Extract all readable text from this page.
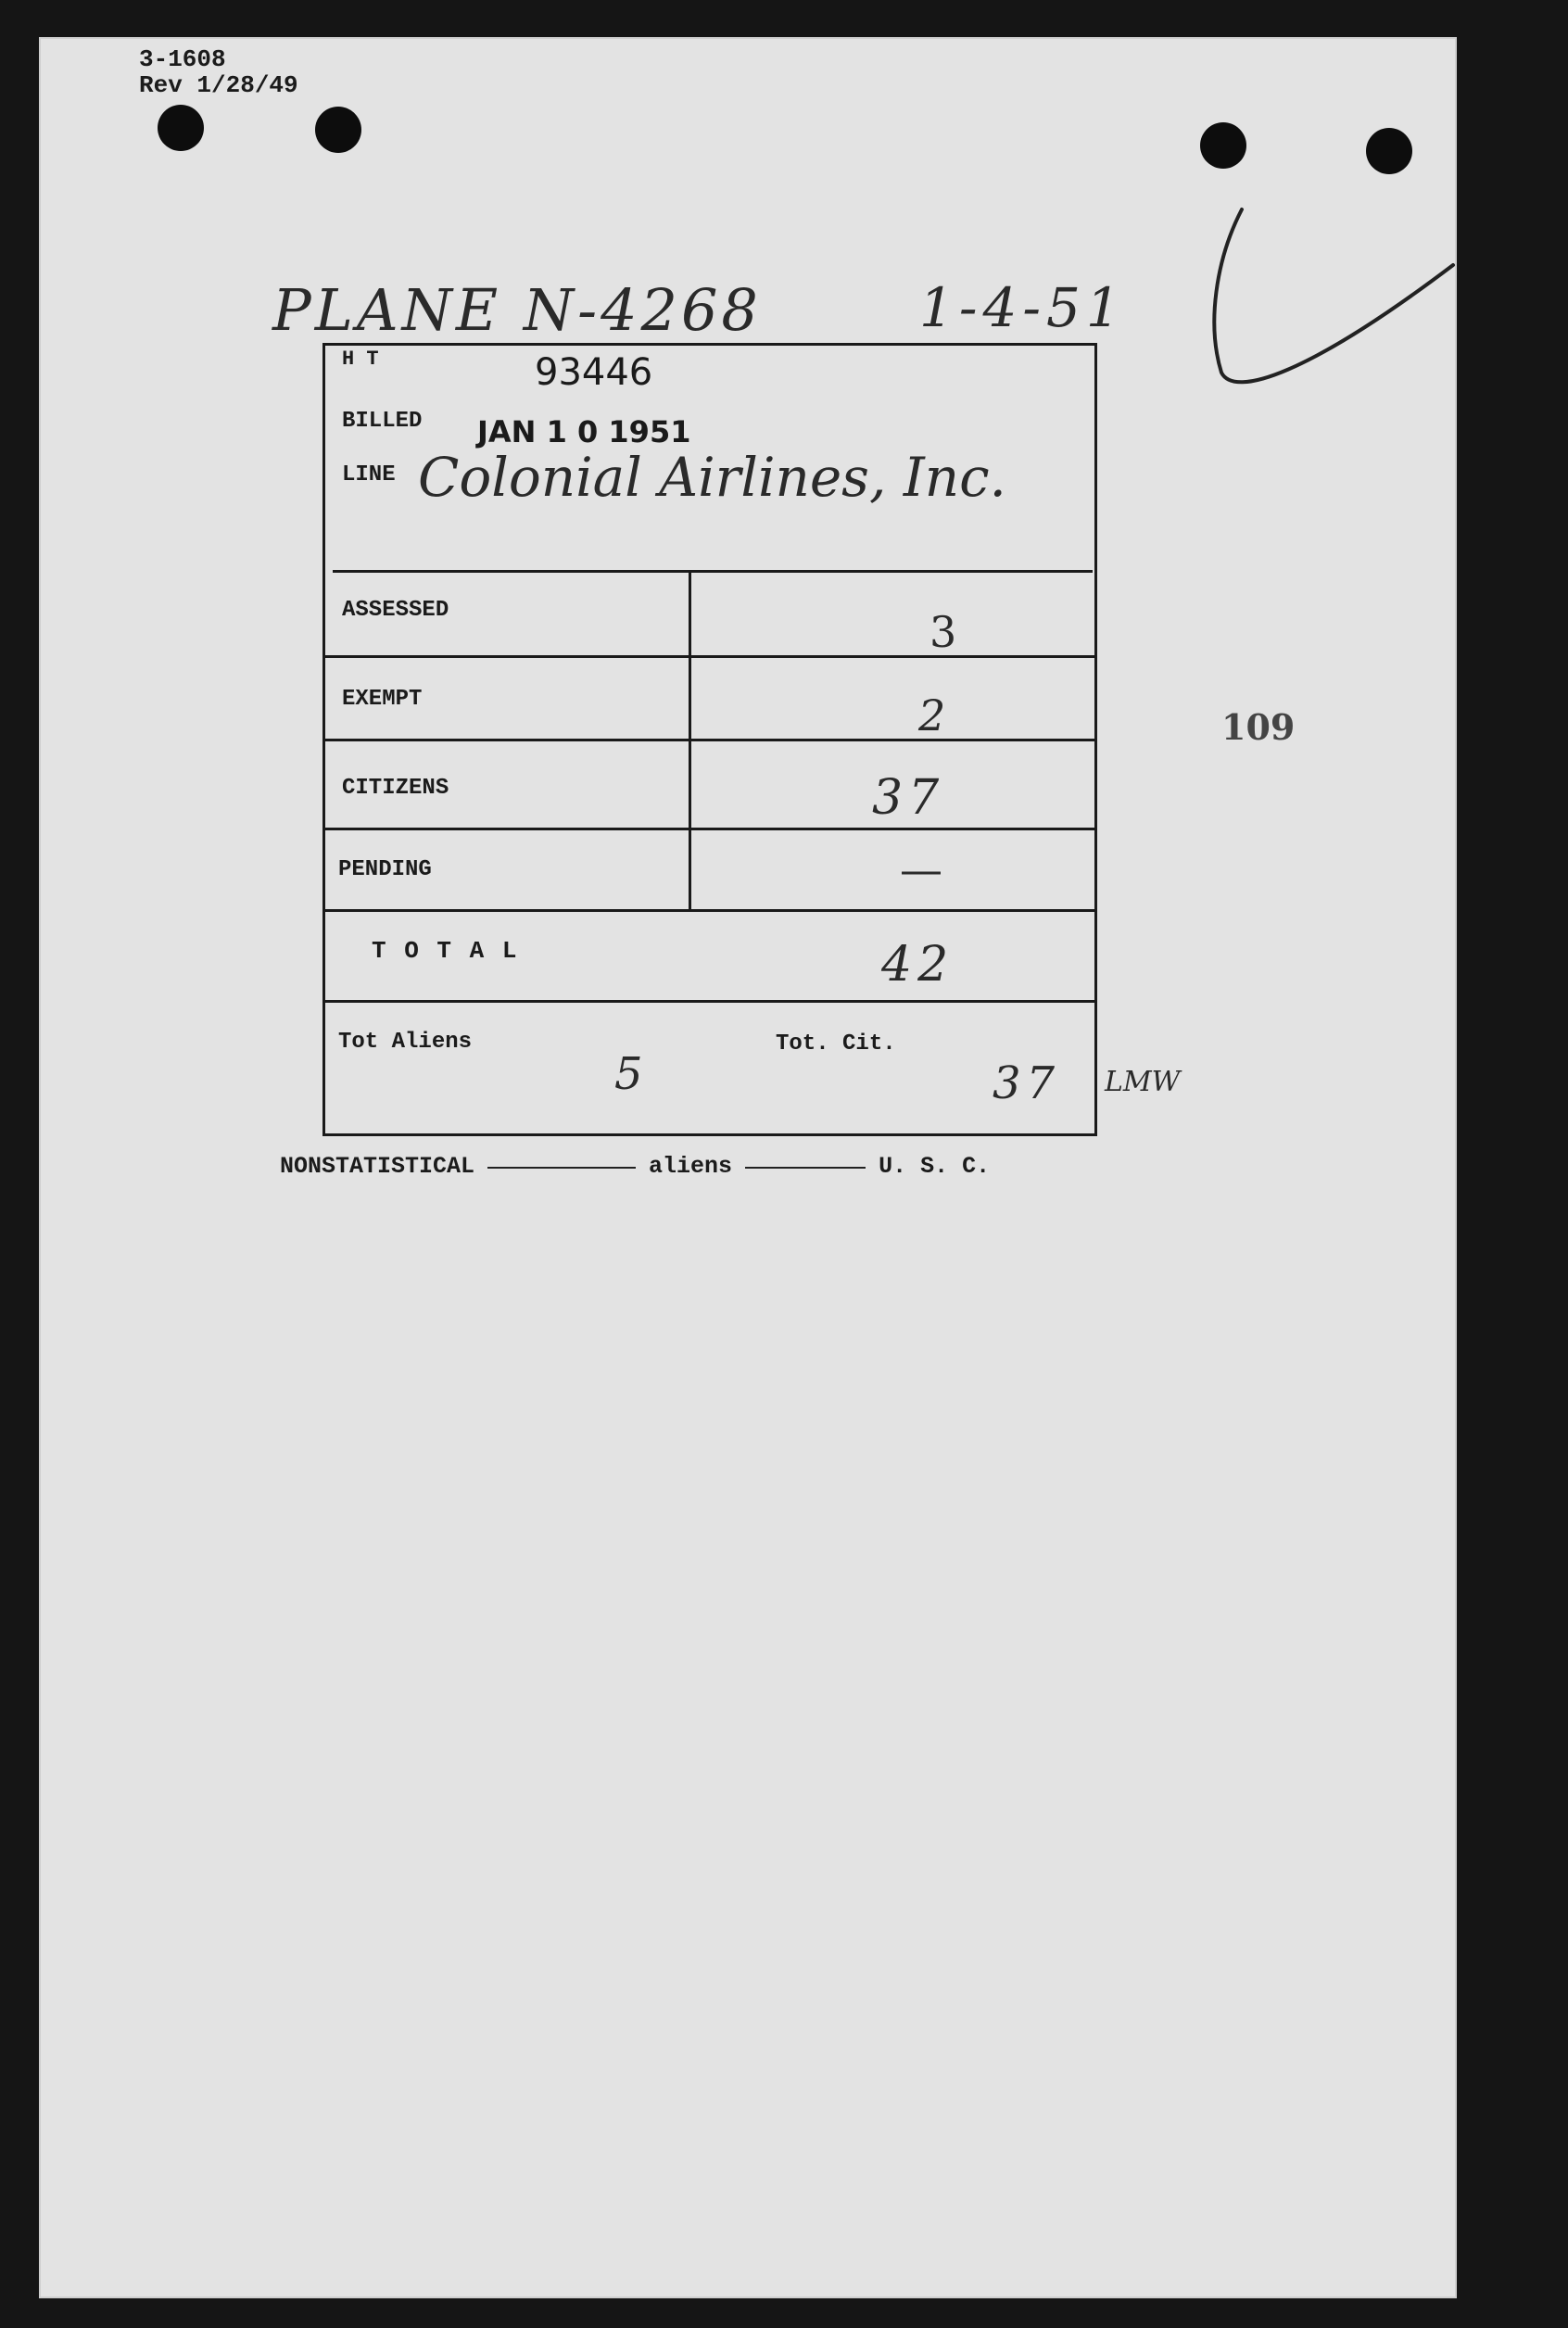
3-1608
Rev 1/28/49
PLANE N-4268	1-4-51
109
H T	93446
BILLED JAN 1 0 1951
LINE Colonial Airlines, Inc.
ASSESSED	3
EXEMPT	2
CITIZENS	37
PENDING	—
T O T A L	42
Tot Aliens
5
Tot. Cit.
37 LMW
NONSTATISTICAL	aliens	U. S. C.
